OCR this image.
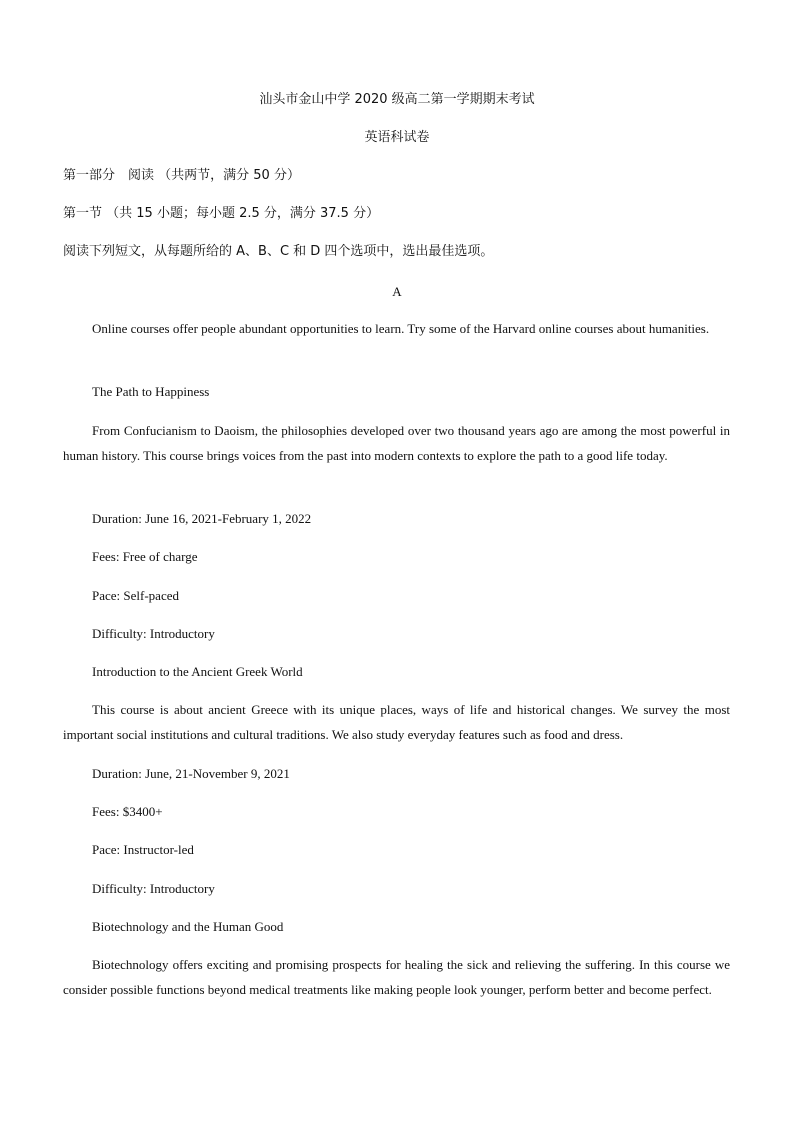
汕头市金山中学 2020 级高二第一学期期末考试
英语科试卷
第一部分　阅读 （共两节，满分 50 分）
第一节 （共 15 小题；每小题 2.5 分，满分 37.5 分）
阅读下列短文，从每题所给的 A、B、C 和 D 四个选项中，选出最佳选项。
A
Online courses offer people abundant opportunities to learn. Try some of the Harvard online courses about humanities.
The Path to Happiness
From Confucianism to Daoism, the philosophies developed over two thousand years ago are among the most powerful in human history. This course brings voices from the past into modern contexts to explore the path to a good life today.
Duration: June 16, 2021-February 1, 2022
Fees: Free of charge
Pace: Self-paced
Difficulty: Introductory
Introduction to the Ancient Greek World
This course is about ancient Greece with its unique places, ways of life and historical changes. We survey the most important social institutions and cultural traditions. We also study everyday features such as food and dress.
Duration: June, 21-November 9, 2021
Fees: $3400+
Pace: Instructor-led
Difficulty: Introductory
Biotechnology and the Human Good
Biotechnology offers exciting and promising prospects for healing the sick and relieving the suffering. In this course we consider possible functions beyond medical treatments like making people look younger, perform better and become perfect.
